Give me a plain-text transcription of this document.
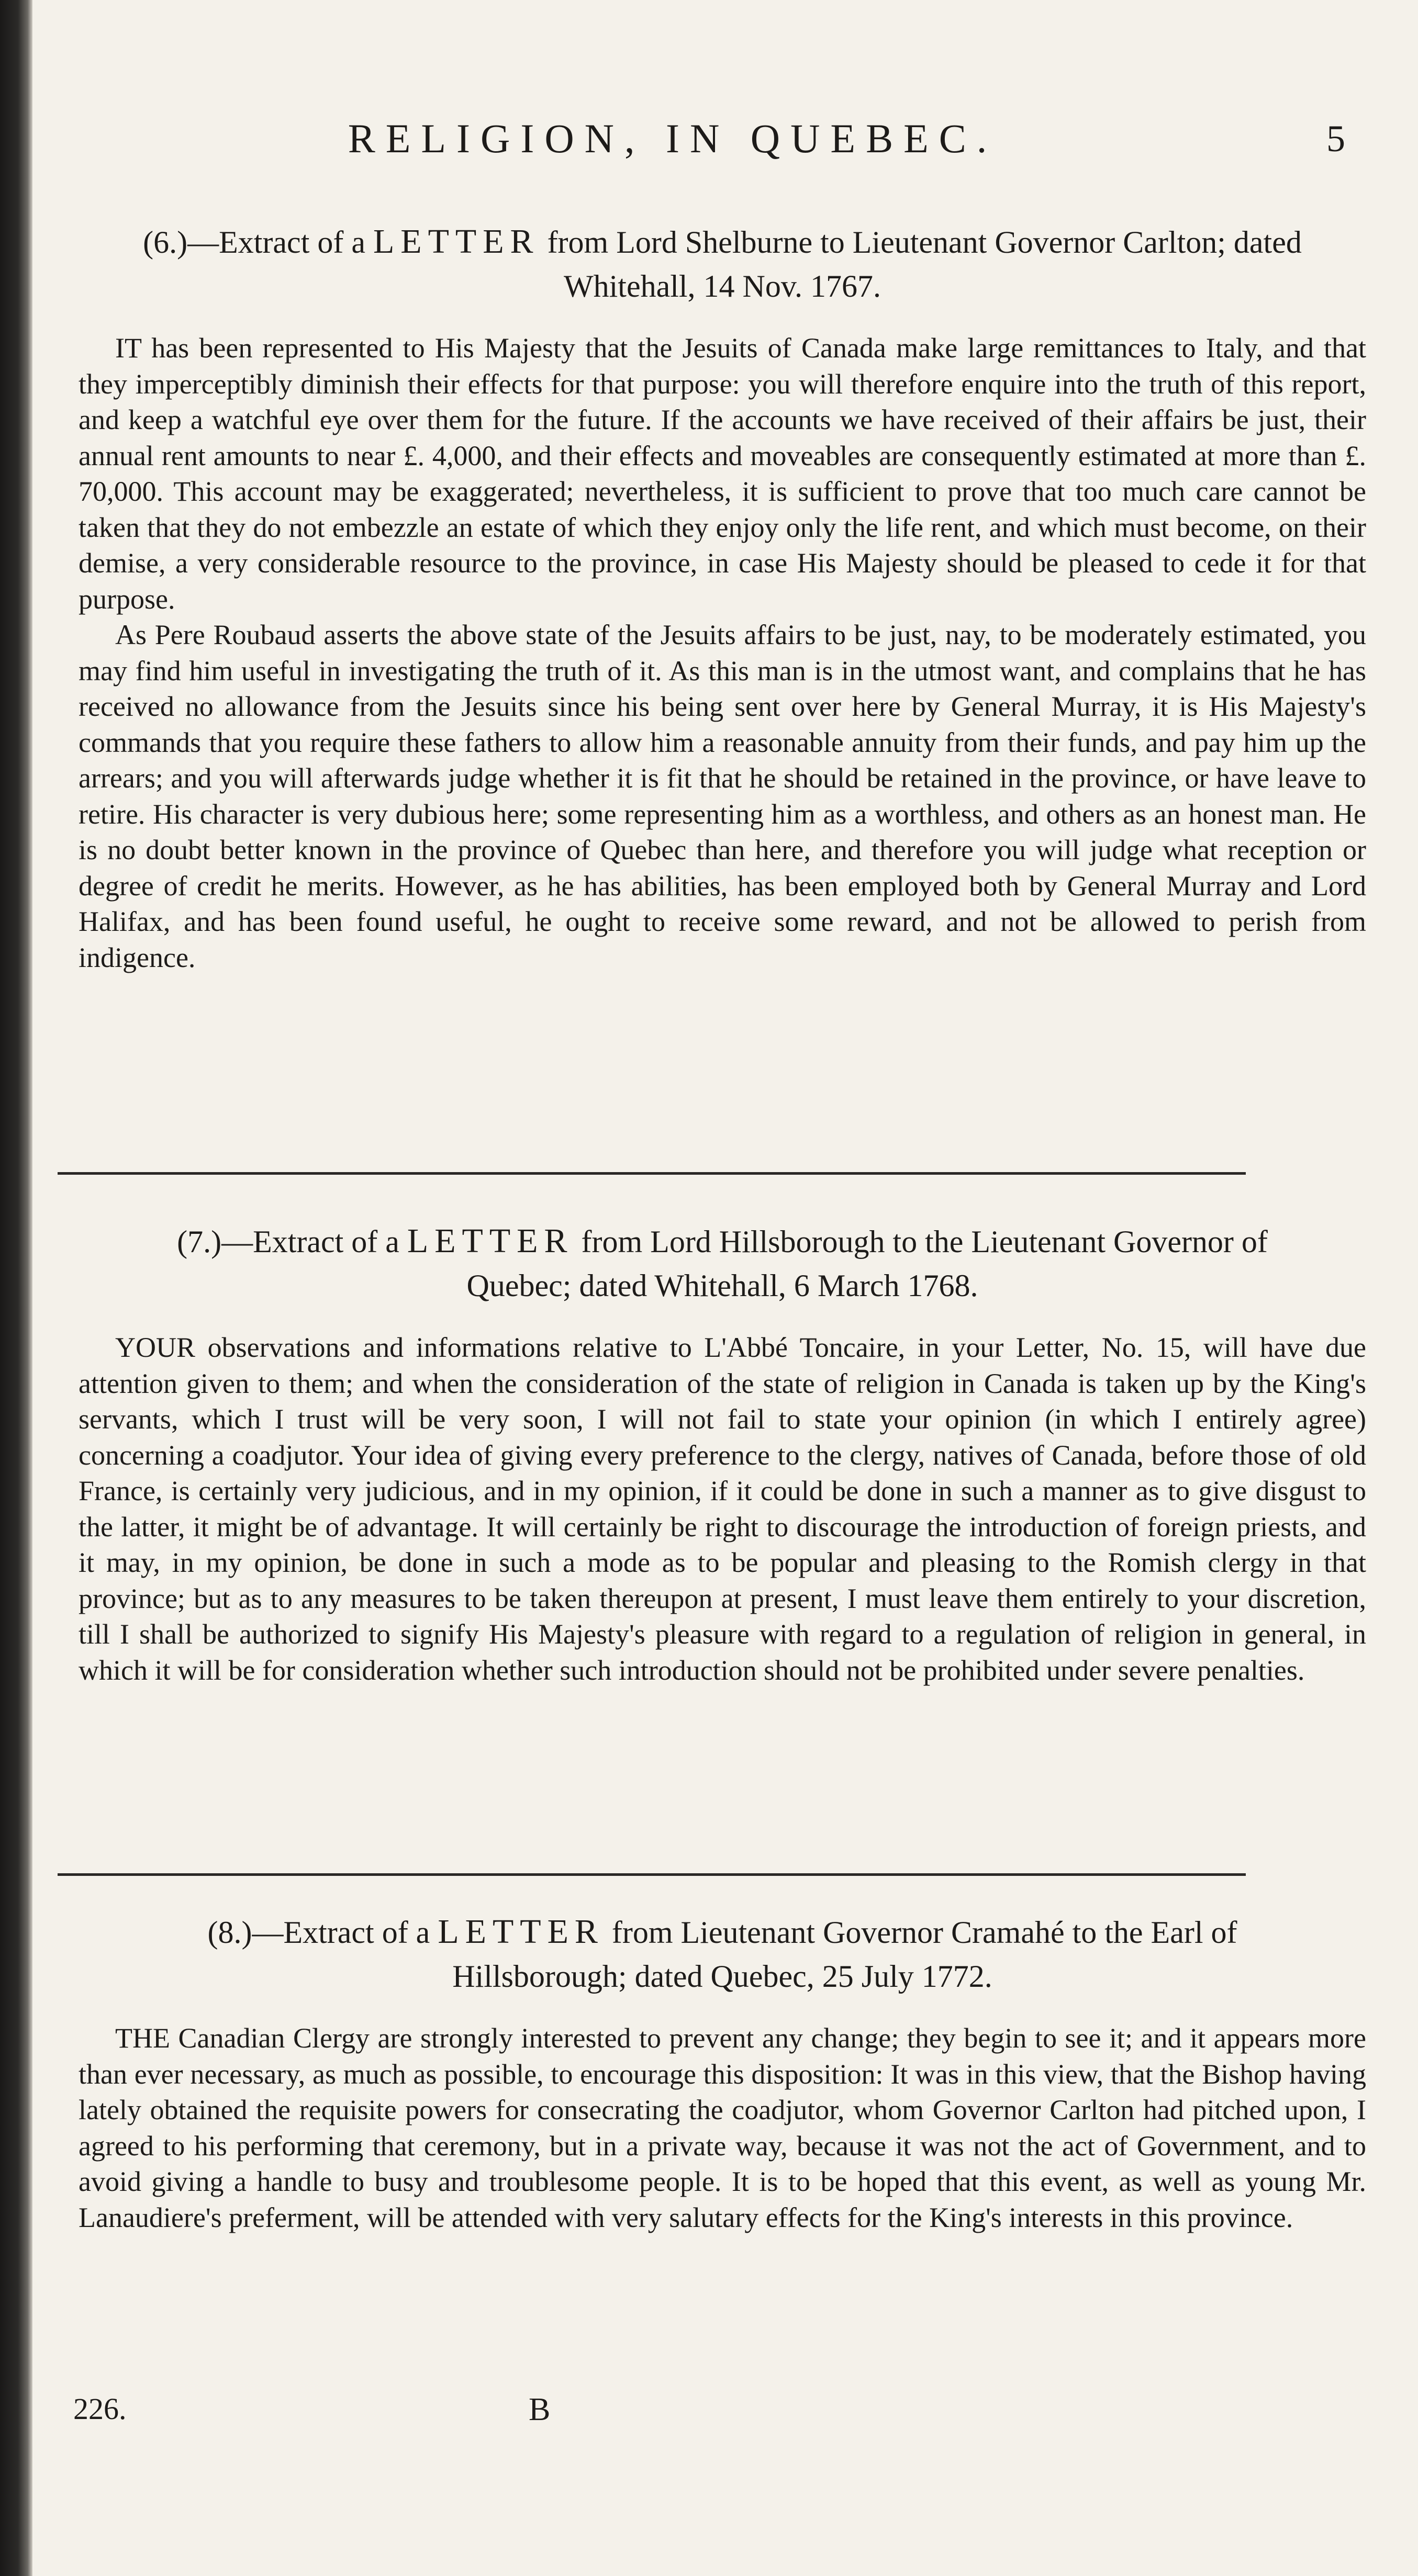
RELIGION, IN QUEBEC.	5
(6.)—Extract of a LETTER from Lord Shelburne to Lieutenant Governor Carlton; dated Whitehall, 14 Nov. 1767.

IT has been represented to His Majesty that the Jesuits of Canada make large remittances to Italy, and that they imperceptibly diminish their effects for that purpose: you will therefore enquire into the truth of this report, and keep a watchful eye over them for the future. If the accounts we have received of their affairs be just, their annual rent amounts to near £. 4,000, and their effects and moveables are consequently estimated at more than £. 70,000. This account may be exaggerated; nevertheless, it is sufficient to prove that too much care cannot be taken that they do not embezzle an estate of which they enjoy only the life rent, and which must become, on their demise, a very considerable resource to the province, in case His Majesty should be pleased to cede it for that purpose.

As Pere Roubaud asserts the above state of the Jesuits affairs to be just, nay, to be moderately estimated, you may find him useful in investigating the truth of it. As this man is in the utmost want, and complains that he has received no allowance from the Jesuits since his being sent over here by General Murray, it is His Majesty's commands that you require these fathers to allow him a reasonable annuity from their funds, and pay him up the arrears; and you will afterwards judge whether it is fit that he should be retained in the province, or have leave to retire. His character is very dubious here; some representing him as a worthless, and others as an honest man. He is no doubt better known in the province of Quebec than here, and therefore you will judge what reception or degree of credit he merits. However, as he has abilities, has been employed both by General Murray and Lord Halifax, and has been found useful, he ought to receive some reward, and not be allowed to perish from indigence.

(7.)—Extract of a LETTER from Lord Hillsborough to the Lieutenant Governor of Quebec; dated Whitehall, 6 March 1768.

YOUR observations and informations relative to L'Abbé Toncaire, in your Letter, No. 15, will have due attention given to them; and when the consideration of the state of religion in Canada is taken up by the King's servants, which I trust will be very soon, I will not fail to state your opinion (in which I entirely agree) concerning a coadjutor. Your idea of giving every preference to the clergy, natives of Canada, before those of old France, is certainly very judicious, and in my opinion, if it could be done in such a manner as to give disgust to the latter, it might be of advantage. It will certainly be right to discourage the introduction of foreign priests, and it may, in my opinion, be done in such a mode as to be popular and pleasing to the Romish clergy in that province; but as to any measures to be taken thereupon at present, I must leave them entirely to your discretion, till I shall be authorized to signify His Majesty's pleasure with regard to a regulation of religion in general, in which it will be for consideration whether such introduction should not be prohibited under severe penalties.

(8.)—Extract of a LETTER from Lieutenant Governor Cramahé to the Earl of Hillsborough; dated Quebec, 25 July 1772.

THE Canadian Clergy are strongly interested to prevent any change; they begin to see it; and it appears more than ever necessary, as much as possible, to encourage this disposition: It was in this view, that the Bishop having lately obtained the requisite powers for consecrating the coadjutor, whom Governor Carlton had pitched upon, I agreed to his performing that ceremony, but in a private way, because it was not the act of Government, and to avoid giving a handle to busy and troublesome people. It is to be hoped that this event, as well as young Mr. Lanaudiere's preferment, will be attended with very salutary effects for the King's interests in this province.

226.	B
